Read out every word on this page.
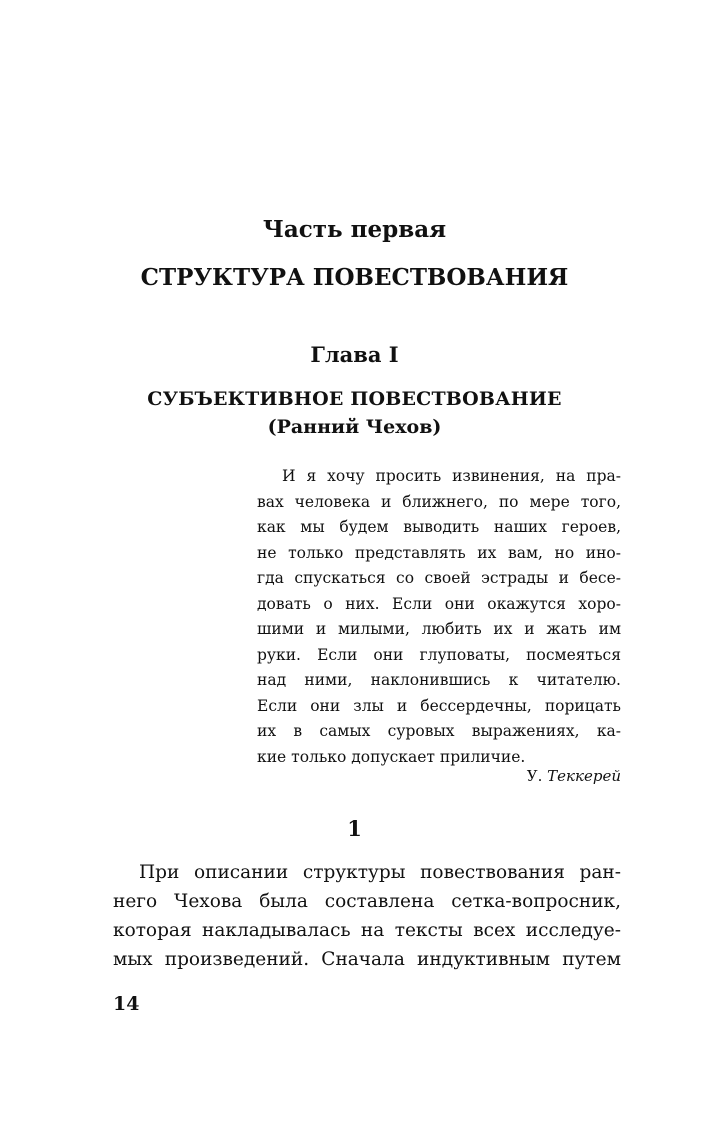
Часть первая
СТРУКТУРА ПОВЕСТВОВАНИЯ
Глава I
СУБЪЕКТИВНОЕ ПОВЕСТВОВАНИЕ
(Ранний Чехов)
И я хочу просить извинения, на пра-
вах человека и ближнего, по мере того,
как мы будем выводить наших героев,
не только представлять их вам, но ино-
гда спускаться со своей эстрады и бесе-
довать о них. Если они окажутся хоро-
шими и милыми, любить их и жать им
руки. Если они глуповаты, посмеяться
над ними, наклонившись к читателю.
Если они злы и бессердечны, порицать
их в самых суровых выражениях, ка-
кие только допускает приличие.
У. Теккерей
1
При описании структуры повествования ран-
него Чехова была составлена сетка-вопросник,
которая накладывалась на тексты всех исследуе-
мых произведений. Сначала индуктивным путем
14
